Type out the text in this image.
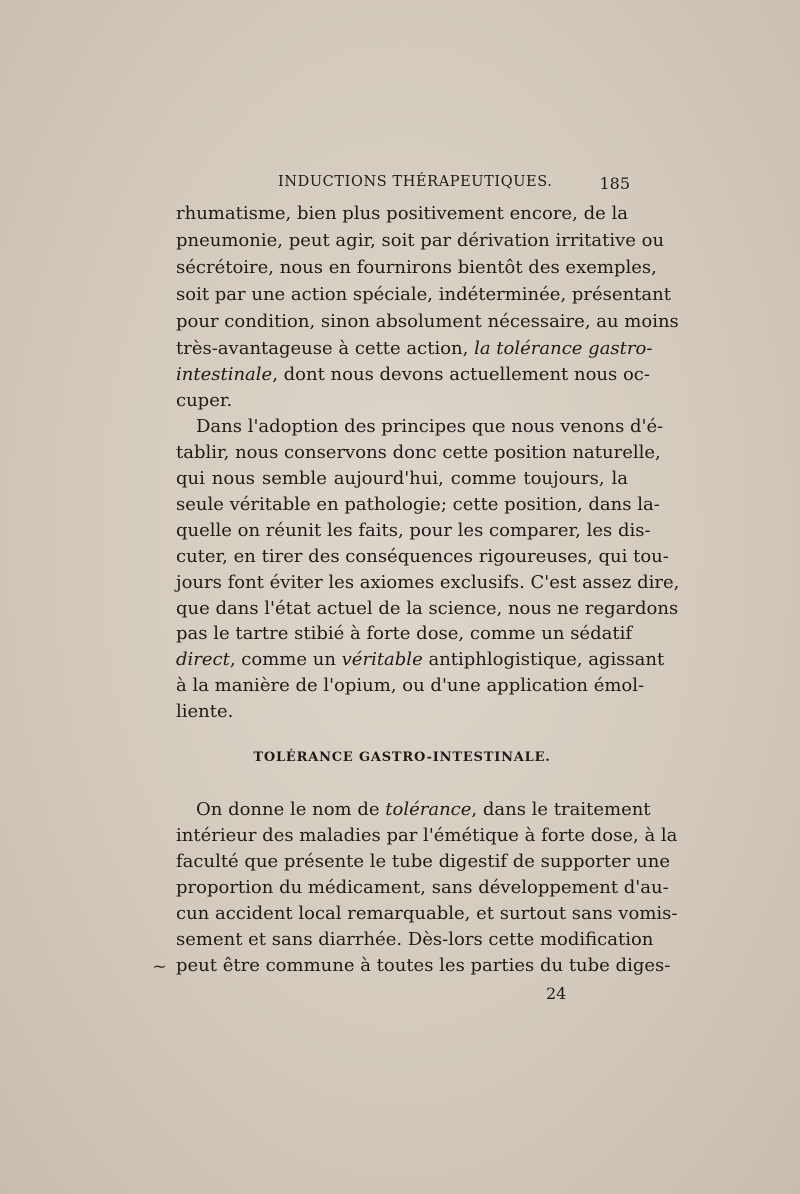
INDUCTIONS THÉRAPEUTIQUES.	185
rhumatisme, bien plus positivement encore, de la
pneumonie, peut agir, soit par dérivation irritative ou
sécrétoire, nous en fournirons bientôt des exemples,
soit par une action spéciale, indéterminée, présentant
pour condition, sinon absolument nécessaire, au moins
très-avantageuse à cette action, la tolérance gastro-
intestinale, dont nous devons actuellement nous oc-
cuper.
Dans l'adoption des principes que nous venons d'é-
tablir, nous conservons donc cette position naturelle,
qui nous semble aujourd'hui, comme toujours, la
seule véritable en pathologie; cette position, dans la-
quelle on réunit les faits, pour les comparer, les dis-
cuter, en tirer des conséquences rigoureuses, qui tou-
jours font éviter les axiomes exclusifs. C'est assez dire,
que dans l'état actuel de la science, nous ne regardons
pas le tartre stibié à forte dose, comme un sédatif
direct, comme un véritable antiphlogistique, agissant
à la manière de l'opium, ou d'une application émol-
liente.
TOLÉRANCE GASTRO-INTESTINALE.
On donne le nom de tolérance, dans le traitement
intérieur des maladies par l'émétique à forte dose, à la
faculté que présente le tube digestif de supporter une
proportion du médicament, sans développement d'au-
cun accident local remarquable, et surtout sans vomis-
sement et sans diarrhée. Dès-lors cette modification
peut être commune à toutes les parties du tube diges-
~
24
